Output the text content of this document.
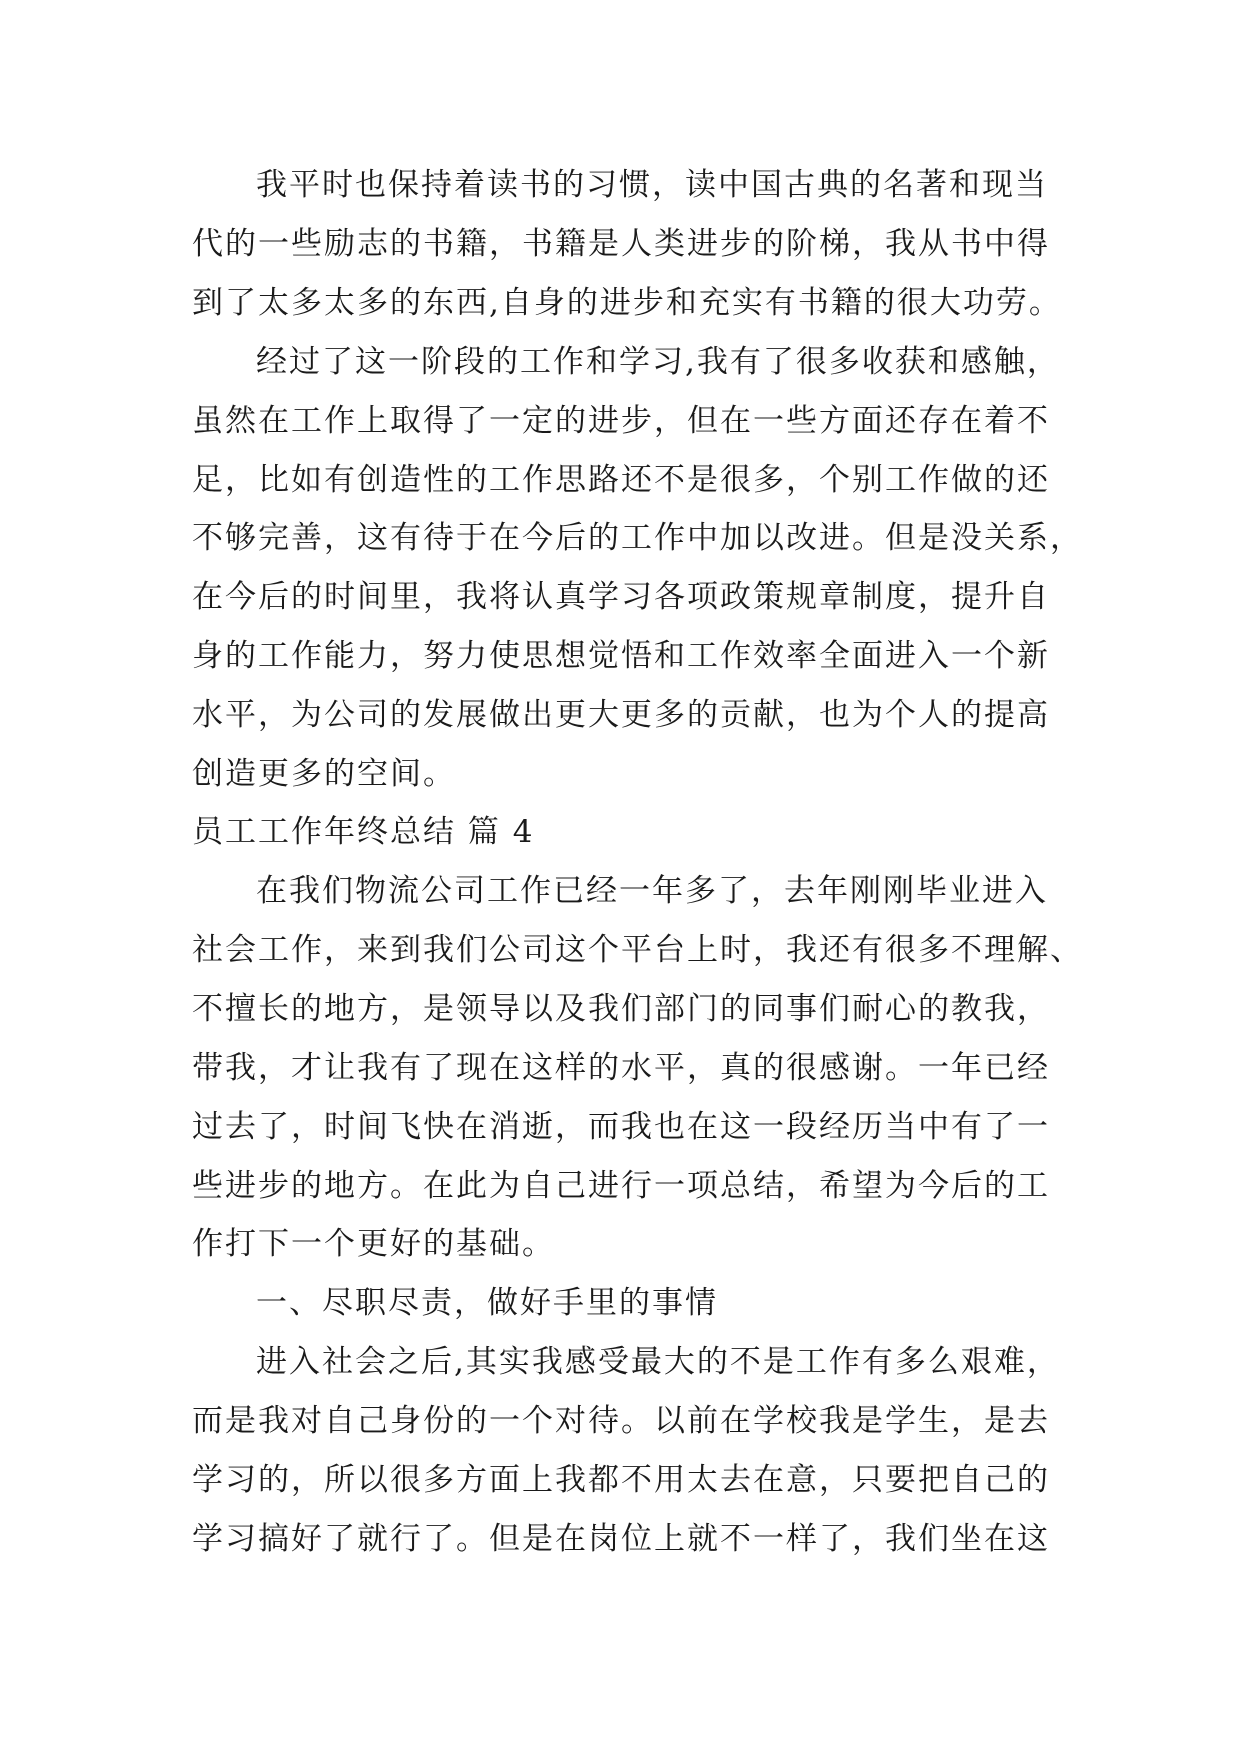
我平时也保持着读书的习惯，读中国古典的名著和现当
代的一些励志的书籍，书籍是人类进步的阶梯，我从书中得
到了太多太多的东西,自身的进步和充实有书籍的很大功劳。
经过了这一阶段的工作和学习,我有了很多收获和感触，
虽然在工作上取得了一定的进步，但在一些方面还存在着不
足，比如有创造性的工作思路还不是很多，个别工作做的还
不够完善，这有待于在今后的工作中加以改进。但是没关系，
在今后的时间里，我将认真学习各项政策规章制度，提升自
身的工作能力，努力使思想觉悟和工作效率全面进入一个新
水平，为公司的发展做出更大更多的贡献，也为个人的提高
创造更多的空间。
员工工作年终总结 篇 4
在我们物流公司工作已经一年多了，去年刚刚毕业进入
社会工作，来到我们公司这个平台上时，我还有很多不理解、
不擅长的地方，是领导以及我们部门的同事们耐心的教我，
带我，才让我有了现在这样的水平，真的很感谢。一年已经
过去了，时间飞快在消逝，而我也在这一段经历当中有了一
些进步的地方。在此为自己进行一项总结，希望为今后的工
作打下一个更好的基础。
一、尽职尽责，做好手里的事情
进入社会之后,其实我感受最大的不是工作有多么艰难，
而是我对自己身份的一个对待。以前在学校我是学生，是去
学习的，所以很多方面上我都不用太去在意，只要把自己的
学习搞好了就行了。但是在岗位上就不一样了，我们坐在这
